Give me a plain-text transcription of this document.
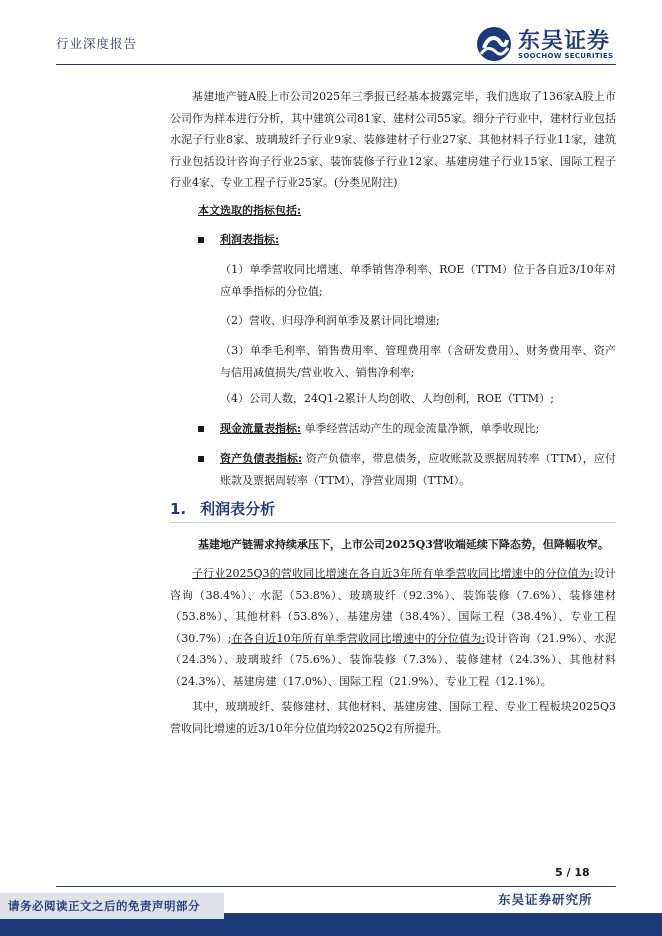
行业深度报告	东吴证券
SOOCHOW SECURITIES

基建地产链A股上市公司2025年三季报已经基本披露完毕，我们选取了136家A股上市公司作为样本进行分析，其中建筑公司81家、建材公司55家。细分子行业中，建材行业包括水泥子行业8家、玻璃玻纤子行业9家、装修建材子行业27家、其他材料子行业11家，建筑行业包括设计咨询子行业25家、装饰装修子行业12家、基建房建子行业15家、国际工程子行业4家、专业工程子行业25家。(分类见附注)

本文选取的指标包括:

利润表指标:

（1）单季营收同比增速、单季销售净利率、ROE（TTM）位于各自近3/10年对应单季指标的分位值;

（2）营收、归母净利润单季及累计同比增速;

（3）单季毛利率、销售费用率、管理费用率（含研发费用）、财务费用率、资产与信用减值损失/营业收入、销售净利率;

（4）公司人数，24Q1-2累计人均创收、人均创利，ROE（TTM）;

现金流量表指标: 单季经营活动产生的现金流量净额，单季收现比;

资产负债表指标: 资产负债率，带息债务，应收账款及票据周转率（TTM），应付账款及票据周转率（TTM），净营业周期（TTM）。

1. 利润表分析

基建地产链需求持续承压下，上市公司2025Q3营收端延续下降态势，但降幅收窄。

子行业2025Q3的营收同比增速在各自近3年所有单季营收同比增速中的分位值为:设计咨询（38.4%）、水泥（53.8%）、玻璃玻纤（92.3%）、装饰装修（7.6%）、装修建材（53.8%）、其他材料（53.8%）、基建房建（38.4%）、国际工程（38.4%）、专业工程（30.7%）;在各自近10年所有单季营收同比增速中的分位值为:设计咨询（21.9%）、水泥（24.3%）、玻璃玻纤（75.6%）、装饰装修（7.3%）、装修建材（24.3%）、其他材料（24.3%）、基建房建（17.0%）、国际工程（21.9%）、专业工程（12.1%）。

其中，玻璃玻纤、装修建材、其他材料、基建房建、国际工程、专业工程板块2025Q3营收同比增速的近3/10年分位值均较2025Q2有所提升。

5 / 18
东吴证券研究所
请务必阅读正文之后的免责声明部分
